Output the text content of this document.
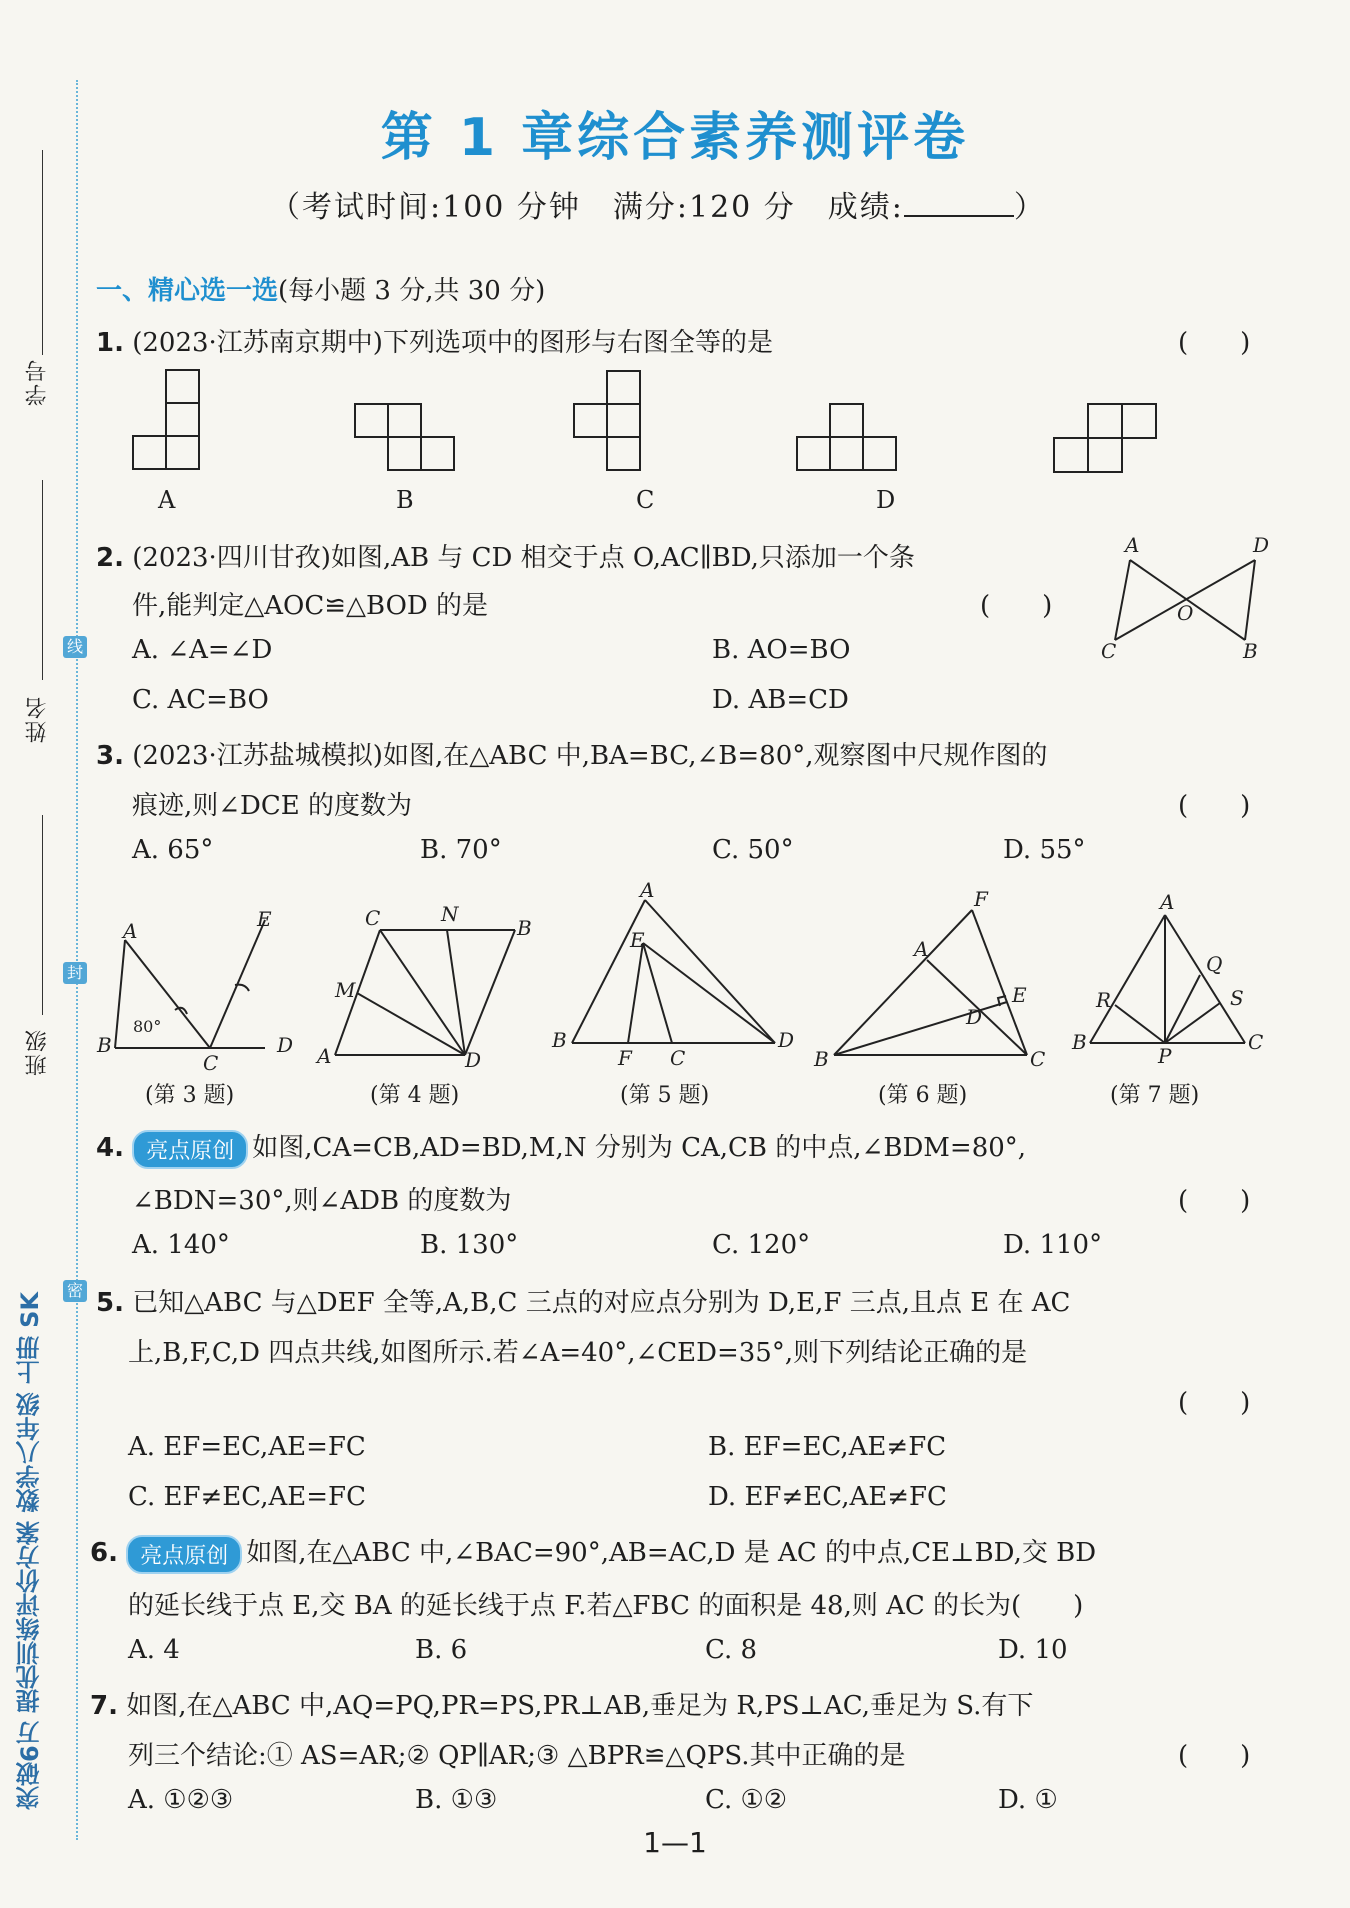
学号
姓名
班级
线
封
密
突破6万 提优训练评价方案 数学八年级 上册 SK
第 1 章综合素养测评卷
（考试时间:100 分钟　满分:120 分　成绩:	）
一、精心选一选(每小题 3 分,共 30 分)
1. (2023·江苏南京期中)下列选项中的图形与右图全等的是	(　　)
A	B	C	D
2. (2023·四川甘孜)如图,AB 与 CD 相交于点 O,AC∥BD,只添加一个条
件,能判定△AOC≌△BOD 的是	(　　)
A. ∠A=∠D	B. AO=BO
C. AC=BO	D. AB=CD
A	D
O
C	B
3. (2023·江苏盐城模拟)如图,在△ABC 中,BA=BC,∠B=80°,观察图中尺规作图的
痕迹,则∠DCE 的度数为	(　　)
A. 65°	B. 70°	C. 50°	D. 55°
A	E
B
C
D
80°
(第 3 题)
C	N
B
M
A	D
(第 4 题)
A
E
B
F C
D
(第 5 题)
F
A
E
D
B	C
(第 6 题)
A
Q
R	S
B
P
C
(第 7 题)
4. 亮点原创 如图,CA=CB,AD=BD,M,N 分别为 CA,CB 的中点,∠BDM=80°,
∠BDN=30°,则∠ADB 的度数为	(　　)
A. 140°	B. 130°	C. 120°	D. 110°
5. 已知△ABC 与△DEF 全等,A,B,C 三点的对应点分别为 D,E,F 三点,且点 E 在 AC
上,B,F,C,D 四点共线,如图所示.若∠A=40°,∠CED=35°,则下列结论正确的是
(　　)
A. EF=EC,AE=FC	B. EF=EC,AE≠FC
C. EF≠EC,AE=FC	D. EF≠EC,AE≠FC
6. 亮点原创 如图,在△ABC 中,∠BAC=90°,AB=AC,D 是 AC 的中点,CE⊥BD,交 BD
的延长线于点 E,交 BA 的延长线于点 F.若△FBC 的面积是 48,则 AC 的长为(　　)
A. 4	B. 6	C. 8	D. 10
7. 如图,在△ABC 中,AQ=PQ,PR=PS,PR⊥AB,垂足为 R,PS⊥AC,垂足为 S.有下
列三个结论:① AS=AR;② QP∥AR;③ △BPR≌△QPS.其中正确的是	(　　)
A. ①②③	B. ①③	C. ①②	D. ①
1—1
